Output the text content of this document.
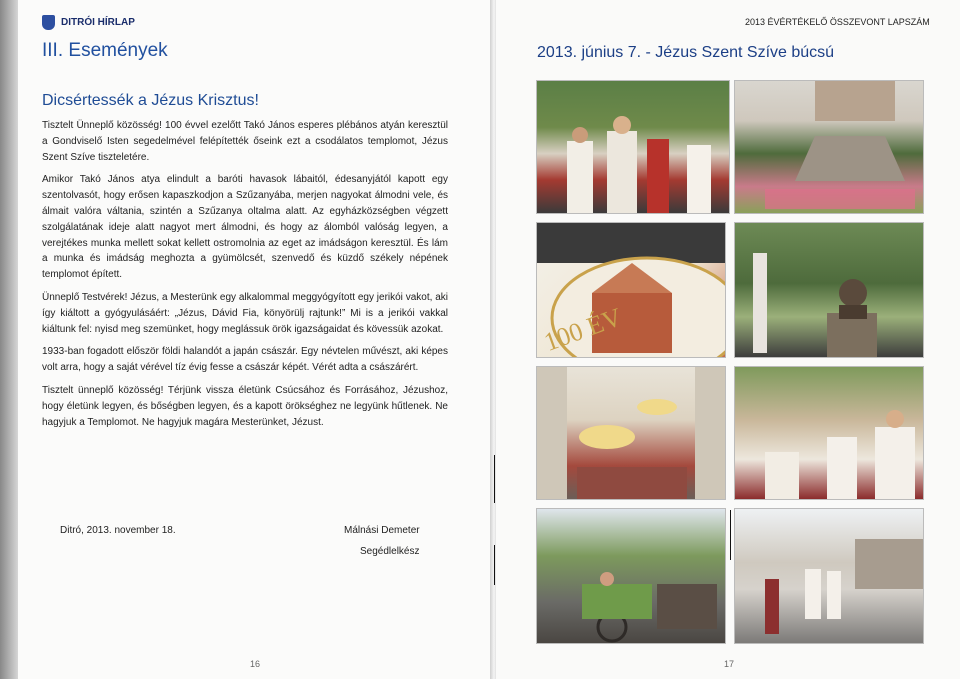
DITRÓI HÍRLAP
III. Események
Dicsértessék a Jézus Krisztus!

Tisztelt Ünneplő közösség! 100 évvel ezelőtt Takó János esperes plébános atyán keresztül a Gondviselő Isten segedelmével felépítették őseink ezt a csodálatos templomot, Jézus Szent Szíve tiszteletére.

Amikor Takó János atya elindult a baróti havasok lábaitól, édesanyjától kapott egy szentolvasót, hogy erősen kapaszkodjon a Szűzanyába, merjen nagyokat álmodni vele, és álmait valóra váltania, szintén a Szűzanya oltalma alatt. Az egyházközségben végzett szolgálatának ideje alatt nagyot mert álmodni, és hogy az álomból valóság legyen, a verejtékes munka mellett sokat kellett ostromolnia az eget az imádságon keresztül. És lám a munka és imádság meghozta a gyümölcsét, szenvedő és küzdő székely népének templomot épített.

Ünneplő Testvérek! Jézus, a Mesterünk egy alkalommal meggyógyított egy jerikói vakot, aki így kiáltott a gyógyulásáért: „Jézus, Dávid Fia, könyörülj rajtunk!” Mi is a jerikói vakkal kiáltunk fel: nyisd meg szemünket, hogy meglássuk örök igazságaidat és kövessük azokat.

1933-ban fogadott először földi halandót a japán császár. Egy névtelen művészt, aki képes volt arra, hogy a saját vérével tíz évig fesse a császár képét. Vérét adta a császárért.

Tisztelt ünneplő közösség! Térjünk vissza életünk Csúcsához és Forrásához, Jézushoz, hogy életünk legyen, és bőségben legyen, és a kapott örökséghez ne legyünk hűtlenek. Ne hagyjuk a Templomot. Ne hagyjuk magára Mesterünket, Jézust.

Ditró, 2013. november 18.	Málnási Demeter
Segédlelkész
16
2013 ÉVÉRTÉKELŐ ÖSSZEVONT LAPSZÁM
2013. június 7. - Jézus Szent Szíve búcsú
100 ÉV
17
